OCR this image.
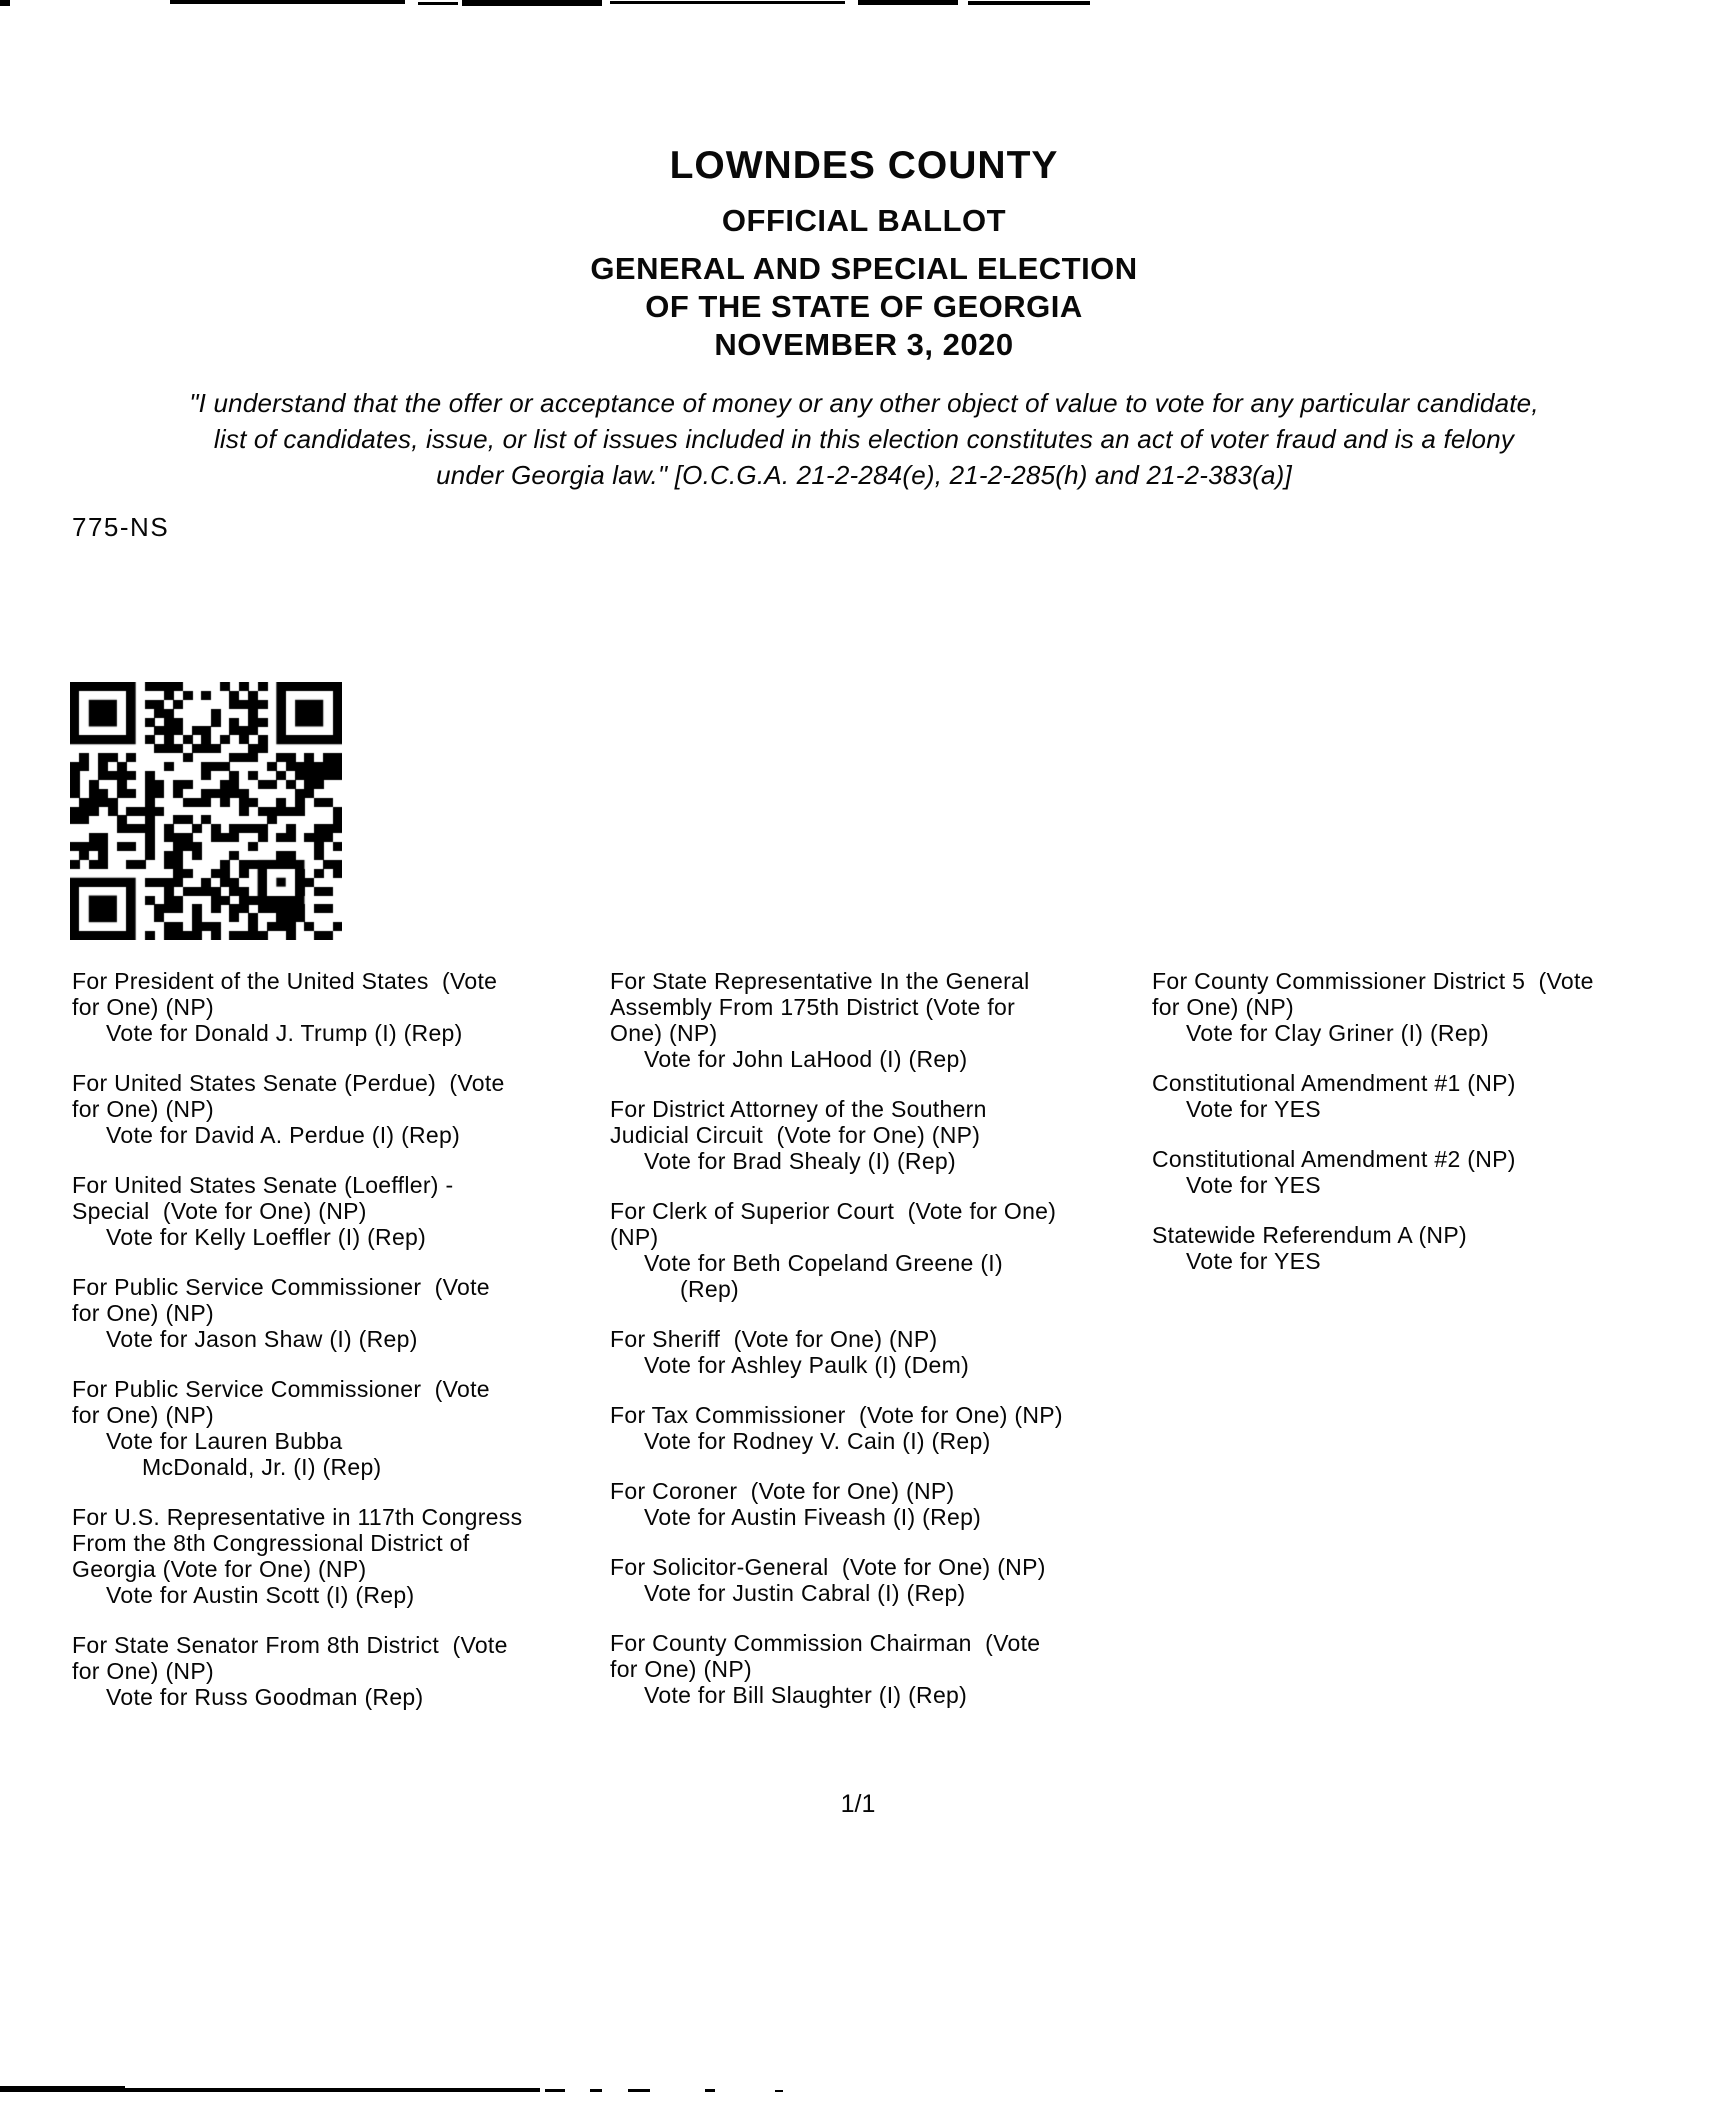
LOWNDES COUNTY
OFFICIAL BALLOT
GENERAL AND SPECIAL ELECTION
OF THE STATE OF GEORGIA
NOVEMBER 3, 2020
"I understand that the offer or acceptance of money or any other object of value to vote for any particular candidate,
list of candidates, issue, or list of issues included in this election constitutes an act of voter fraud and is a felony
under Georgia law." [O.C.G.A. 21-2-284(e), 21-2-285(h) and 21-2-383(a)]
775-NS
For President of the United States  (Vote
for One) (NP)
Vote for Donald J. Trump (I) (Rep)
For United States Senate (Perdue)  (Vote
for One) (NP)
Vote for David A. Perdue (I) (Rep)
For United States Senate (Loeffler) -
Special  (Vote for One) (NP)
Vote for Kelly Loeffler (I) (Rep)
For Public Service Commissioner  (Vote
for One) (NP)
Vote for Jason Shaw (I) (Rep)
For Public Service Commissioner  (Vote
for One) (NP)
Vote for Lauren Bubba
McDonald, Jr. (I) (Rep)
For U.S. Representative in 117th Congress
From the 8th Congressional District of
Georgia (Vote for One) (NP)
Vote for Austin Scott (I) (Rep)
For State Senator From 8th District  (Vote
for One) (NP)
Vote for Russ Goodman (Rep)
For State Representative In the General
Assembly From 175th District (Vote for
One) (NP)
Vote for John LaHood (I) (Rep)
For District Attorney of the Southern
Judicial Circuit  (Vote for One) (NP)
Vote for Brad Shealy (I) (Rep)
For Clerk of Superior Court  (Vote for One)
(NP)
Vote for Beth Copeland Greene (I)
(Rep)
For Sheriff  (Vote for One) (NP)
Vote for Ashley Paulk (I) (Dem)
For Tax Commissioner  (Vote for One) (NP)
Vote for Rodney V. Cain (I) (Rep)
For Coroner  (Vote for One) (NP)
Vote for Austin Fiveash (I) (Rep)
For Solicitor-General  (Vote for One) (NP)
Vote for Justin Cabral (I) (Rep)
For County Commission Chairman  (Vote
for One) (NP)
Vote for Bill Slaughter (I) (Rep)
For County Commissioner District 5  (Vote
for One) (NP)
Vote for Clay Griner (I) (Rep)
Constitutional Amendment #1 (NP)
Vote for YES
Constitutional Amendment #2 (NP)
Vote for YES
Statewide Referendum A (NP)
Vote for YES
1/1
